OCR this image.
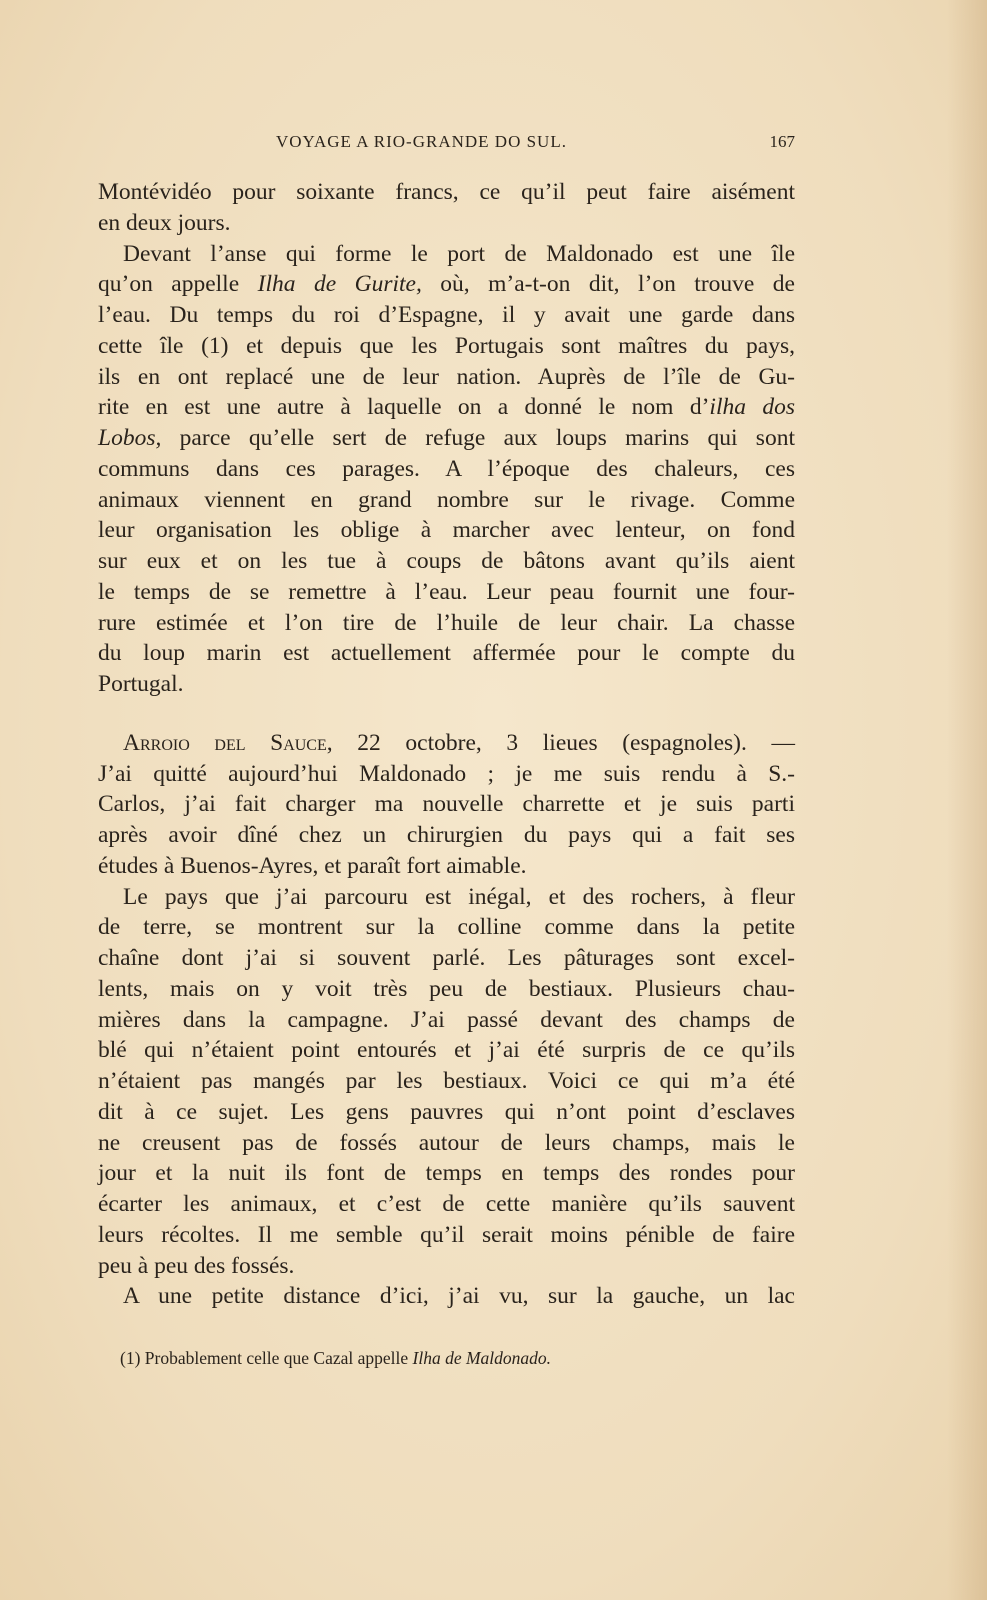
VOYAGE A RIO-GRANDE DO SUL.	167
Montévidéo pour soixante francs, ce qu’il peut faire aisément
en deux jours.
Devant l’anse qui forme le port de Maldonado est une île
qu’on appelle Ilha de Gurite, où, m’a-t-on dit, l’on trouve de
l’eau. Du temps du roi d’Espagne, il y avait une garde dans
cette île (1) et depuis que les Portugais sont maîtres du pays,
ils en ont replacé une de leur nation. Auprès de l’île de Gu-
rite en est une autre à laquelle on a donné le nom d’ilha dos
Lobos, parce qu’elle sert de refuge aux loups marins qui sont
communs dans ces parages. A l’époque des chaleurs, ces
animaux viennent en grand nombre sur le rivage. Comme
leur organisation les oblige à marcher avec lenteur, on fond
sur eux et on les tue à coups de bâtons avant qu’ils aient
le temps de se remettre à l’eau. Leur peau fournit une four-
rure estimée et l’on tire de l’huile de leur chair. La chasse
du loup marin est actuellement affermée pour le compte du
Portugal.
Arroio del Sauce, 22 octobre, 3 lieues (espagnoles). —
J’ai quitté aujourd’hui Maldonado ; je me suis rendu à S.-
Carlos, j’ai fait charger ma nouvelle charrette et je suis parti
après avoir dîné chez un chirurgien du pays qui a fait ses
études à Buenos-Ayres, et paraît fort aimable.
Le pays que j’ai parcouru est inégal, et des rochers, à fleur
de terre, se montrent sur la colline comme dans la petite
chaîne dont j’ai si souvent parlé. Les pâturages sont excel-
lents, mais on y voit très peu de bestiaux. Plusieurs chau-
mières dans la campagne. J’ai passé devant des champs de
blé qui n’étaient point entourés et j’ai été surpris de ce qu’ils
n’étaient pas mangés par les bestiaux. Voici ce qui m’a été
dit à ce sujet. Les gens pauvres qui n’ont point d’esclaves
ne creusent pas de fossés autour de leurs champs, mais le
jour et la nuit ils font de temps en temps des rondes pour
écarter les animaux, et c’est de cette manière qu’ils sauvent
leurs récoltes. Il me semble qu’il serait moins pénible de faire
peu à peu des fossés.
A une petite distance d’ici, j’ai vu, sur la gauche, un lac
(1) Probablement celle que Cazal appelle Ilha de Maldonado.
